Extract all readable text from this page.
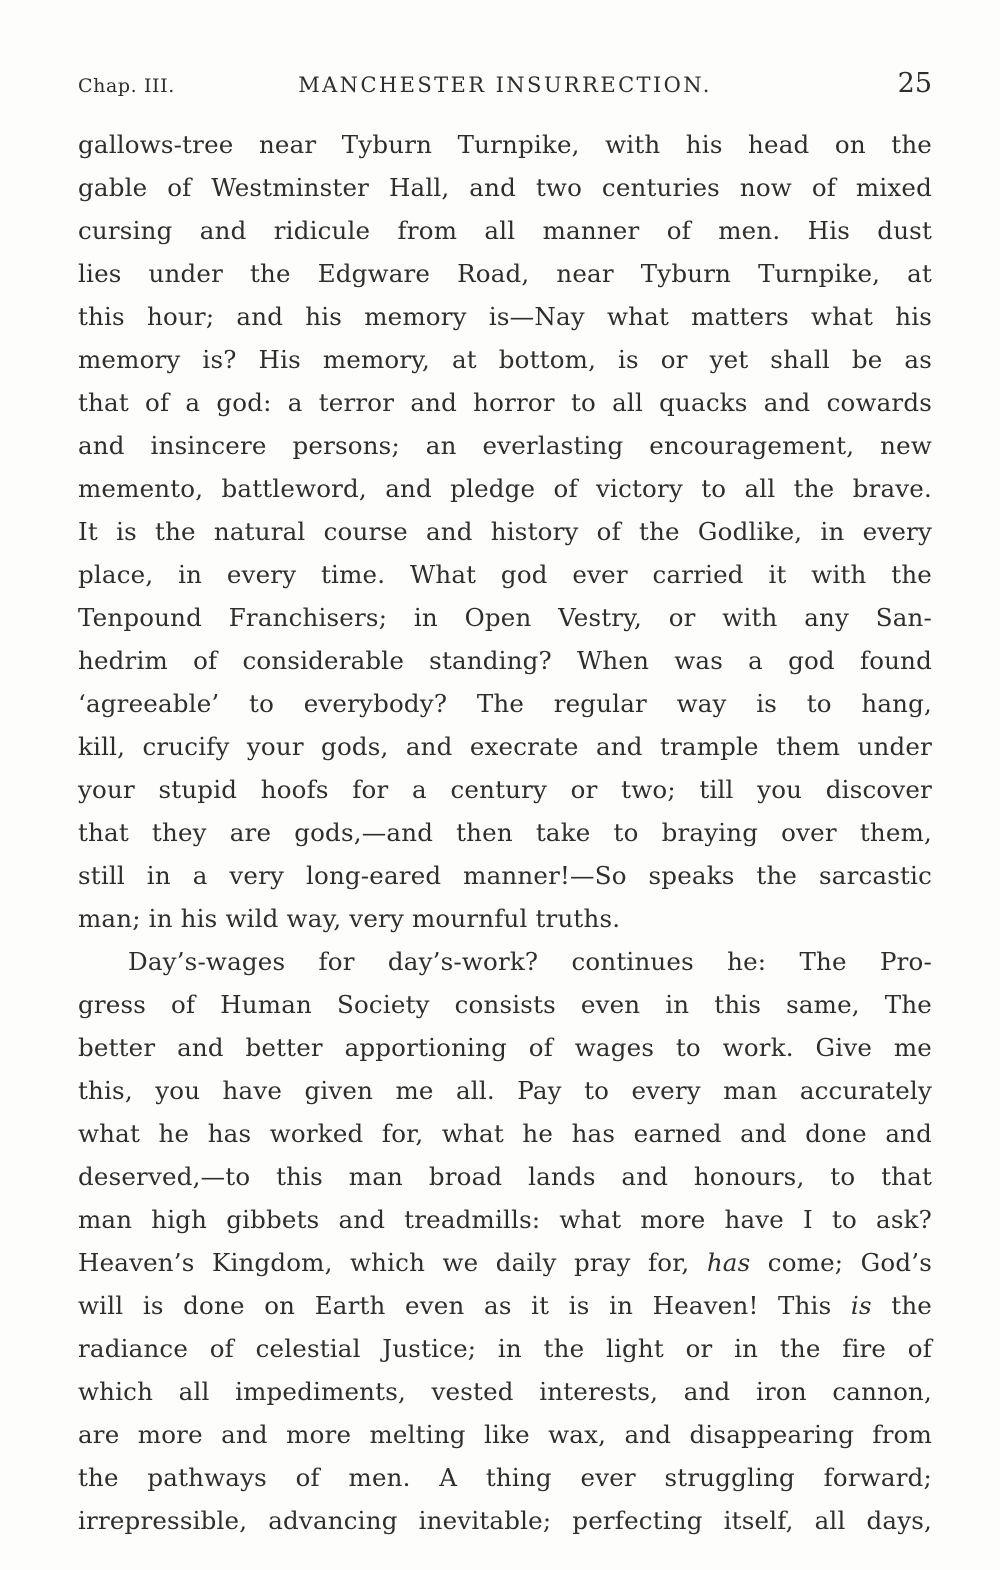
Chap. III.	MANCHESTER INSURRECTION.	25
gallows-tree near Tyburn Turnpike, with his head on the
gable of Westminster Hall, and two centuries now of mixed
cursing and ridicule from all manner of men. His dust
lies under the Edgware Road, near Tyburn Turnpike, at
this hour; and his memory is—Nay what matters what his
memory is? His memory, at bottom, is or yet shall be as
that of a god: a terror and horror to all quacks and cowards
and insincere persons; an everlasting encouragement, new
memento, battleword, and pledge of victory to all the brave.
It is the natural course and history of the Godlike, in every
place, in every time. What god ever carried it with the
Tenpound Franchisers; in Open Vestry, or with any San-
hedrim of considerable standing? When was a god found
‘agreeable’ to everybody? The regular way is to hang,
kill, crucify your gods, and execrate and trample them under
your stupid hoofs for a century or two; till you discover
that they are gods,—and then take to braying over them,
still in a very long-eared manner!—So speaks the sarcastic
man; in his wild way, very mournful truths.
Day’s-wages for day’s-work? continues he: The Pro-
gress of Human Society consists even in this same, The
better and better apportioning of wages to work. Give me
this, you have given me all. Pay to every man accurately
what he has worked for, what he has earned and done and
deserved,—to this man broad lands and honours, to that
man high gibbets and treadmills: what more have I to ask?
Heaven’s Kingdom, which we daily pray for, has come; God’s
will is done on Earth even as it is in Heaven! This is the
radiance of celestial Justice; in the light or in the fire of
which all impediments, vested interests, and iron cannon,
are more and more melting like wax, and disappearing from
the pathways of men. A thing ever struggling forward;
irrepressible, advancing inevitable; perfecting itself, all days,
